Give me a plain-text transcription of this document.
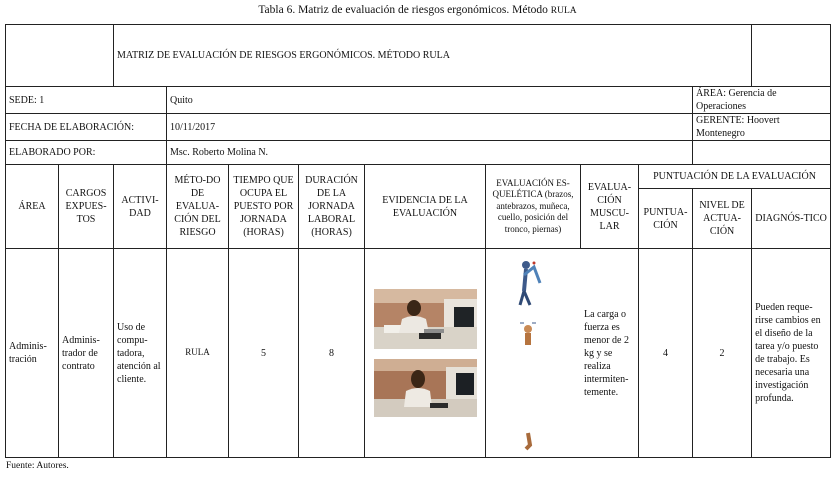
Tabla 6. Matriz de evaluación de riesgos ergonómicos. Método RULA
		MATRIZ DE EVALUACIÓN DE RIESGOS ERGONÓMICOS. MÉTODO RULA									
SEDE: 1			Quito							ÁREA: Gerencia de Operaciones	
FECHA DE ELABORACIÓN:			10/11/2017							GERENTE: Hoovert Montenegro	
ELABORADO POR:			Msc. Roberto Molina N.								
ÁREA	CARGOS EXPUES-TOS	ACTIVI-DAD	MÉTO-DO DE EVALUA-CIÓN DEL RIESGO	TIEMPO QUE OCUPA EL PUESTO POR JORNADA (HORAS)	DURACIÓN DE LA JORNADA LABORAL (HORAS)	EVIDENCIA DE LA EVALUACIÓN	EVALUACIÓN ES-QUELÉTICA (brazos, antebrazos, muñeca, cuello, posición del tronco, piernas)	EVALUA-CIÓN MUSCU-LAR	PUNTUACIÓN DE LA EVALUACIÓN		
									PUNTUA-CIÓN	NIVEL DE ACTUA-CIÓN	DIAGNÓS-TICO
Adminis-tración	Adminis-trador de contrato	Uso de compu-tadora, atención al cliente.	RULA	5	8			La carga o fuerza es menor de 2 kg y se realiza intermiten-temente.	4	2	Pueden reque-rirse cambios en el diseño de la tarea y/o puesto de trabajo. Es necesaria una investigación profunda.
Fuente: Autores.
